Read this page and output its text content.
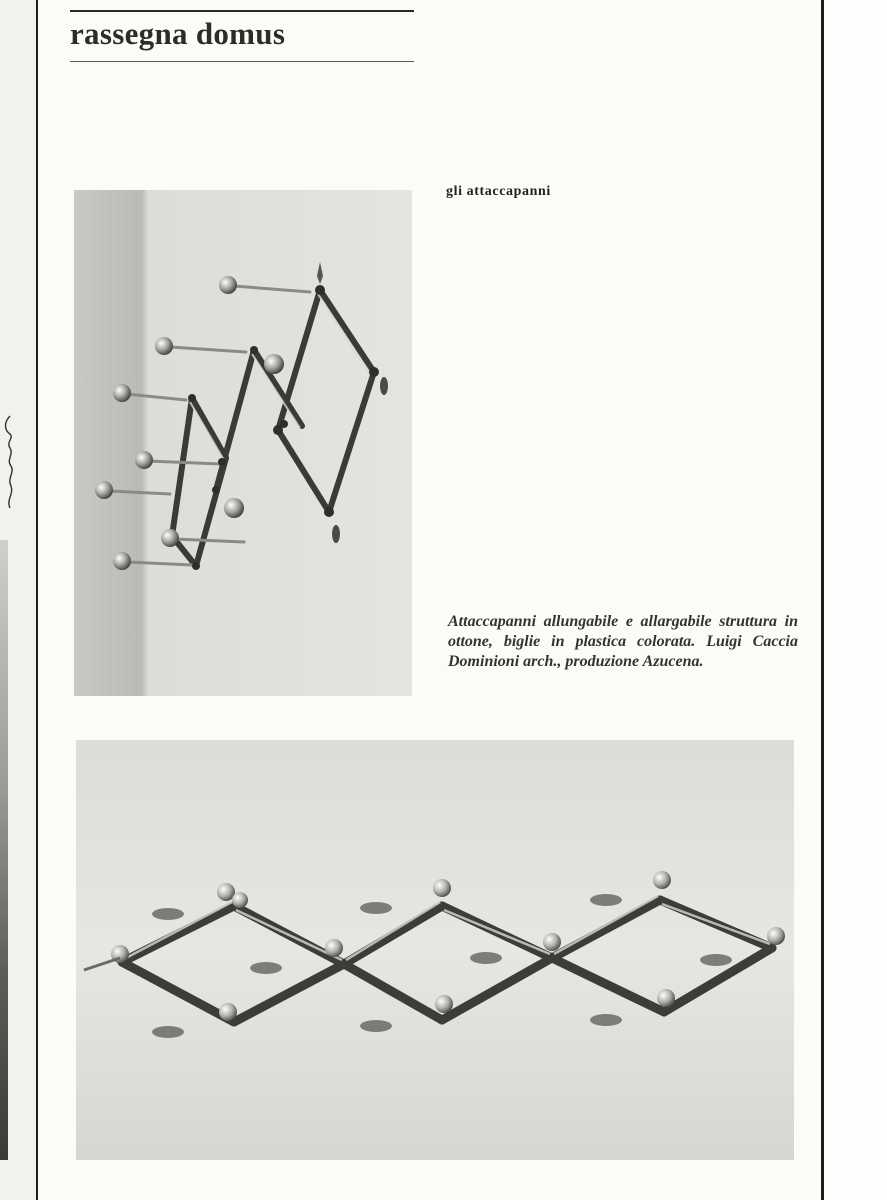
rassegna domus
gli attaccapanni
Attaccapanni allungabile e allargabile struttura in ottone, biglie in plastica colorata. Luigi Caccia Dominioni arch., produzione Azucena.
